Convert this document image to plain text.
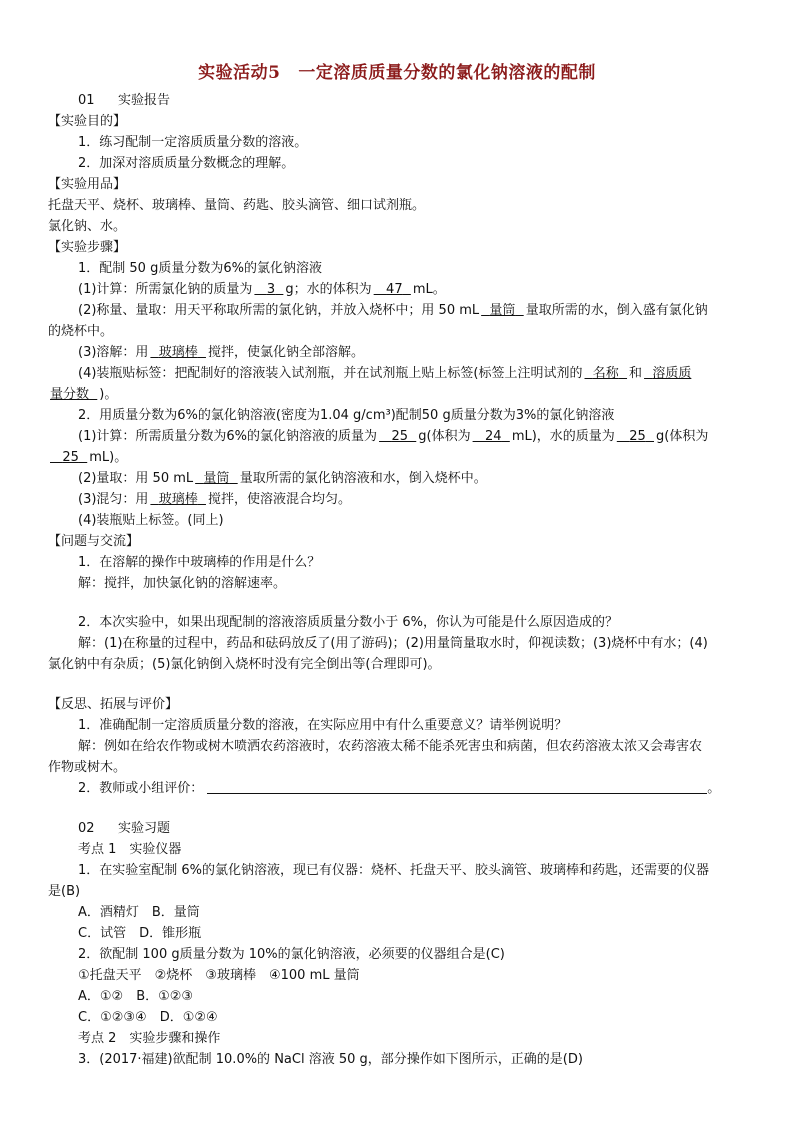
实验活动5 一定溶质质量分数的氯化钠溶液的配制
01 实验报告
【实验目的】
1．练习配制一定溶质质量分数的溶液。
2．加深对溶质质量分数概念的理解。
【实验用品】
托盘天平、烧杯、玻璃棒、量筒、药匙、胶头滴管、细口试剂瓶。
氯化钠、水。
【实验步骤】
1．配制 50 g质量分数为6%的氯化钠溶液
(1)计算：所需氯化钠的质量为 3 g；水的体积为 47 mL。
(2)称量、量取：用天平称取所需的氯化钠，并放入烧杯中；用 50 mL 量筒 量取所需的水，倒入盛有氯化钠
的烧杯中。
(3)溶解：用 玻璃棒 搅拌，使氯化钠全部溶解。
(4)装瓶贴标签：把配制好的溶液装入试剂瓶，并在试剂瓶上贴上标签(标签上注明试剂的 名称 和 溶质质
量分数 )。
2．用质量分数为6%的氯化钠溶液(密度为1.04 g/cm³)配制50 g质量分数为3%的氯化钠溶液
(1)计算：所需质量分数为6%的氯化钠溶液的质量为 25 g(体积为 24 mL)，水的质量为 25 g(体积为
25 mL)。
(2)量取：用 50 mL 量筒 量取所需的氯化钠溶液和水，倒入烧杯中。
(3)混匀：用 玻璃棒 搅拌，使溶液混合均匀。
(4)装瓶贴上标签。(同上)
【问题与交流】
1．在溶解的操作中玻璃棒的作用是什么？
解：搅拌，加快氯化钠的溶解速率。
2．本次实验中，如果出现配制的溶液溶质质量分数小于 6%，你认为可能是什么原因造成的？
解：(1)在称量的过程中，药品和砝码放反了(用了游码)；(2)用量筒量取水时，仰视读数；(3)烧杯中有水；(4)
氯化钠中有杂质；(5)氯化钠倒入烧杯时没有完全倒出等(合理即可)。
【反思、拓展与评价】
1．准确配制一定溶质质量分数的溶液，在实际应用中有什么重要意义？请举例说明？
解：例如在给农作物或树木喷洒农药溶液时，农药溶液太稀不能杀死害虫和病菌，但农药溶液太浓又会毒害农
作物或树木。
2．教师或小组评价：	。
02 实验习题
考点 1　实验仪器
1．在实验室配制 6%的氯化钠溶液，现已有仪器：烧杯、托盘天平、胶头滴管、玻璃棒和药匙，还需要的仪器
是(B)
A．酒精灯　B．量筒
C．试管　D．锥形瓶
2．欲配制 100 g质量分数为 10%的氯化钠溶液，必须要的仪器组合是(C)
①托盘天平　②烧杯　③玻璃棒　④100 mL 量筒
A．①②　B．①②③
C．①②③④　D．①②④
考点 2　实验步骤和操作
3．(2017·福建)欲配制 10.0%的 NaCl 溶液 50 g，部分操作如下图所示，正确的是(D)
